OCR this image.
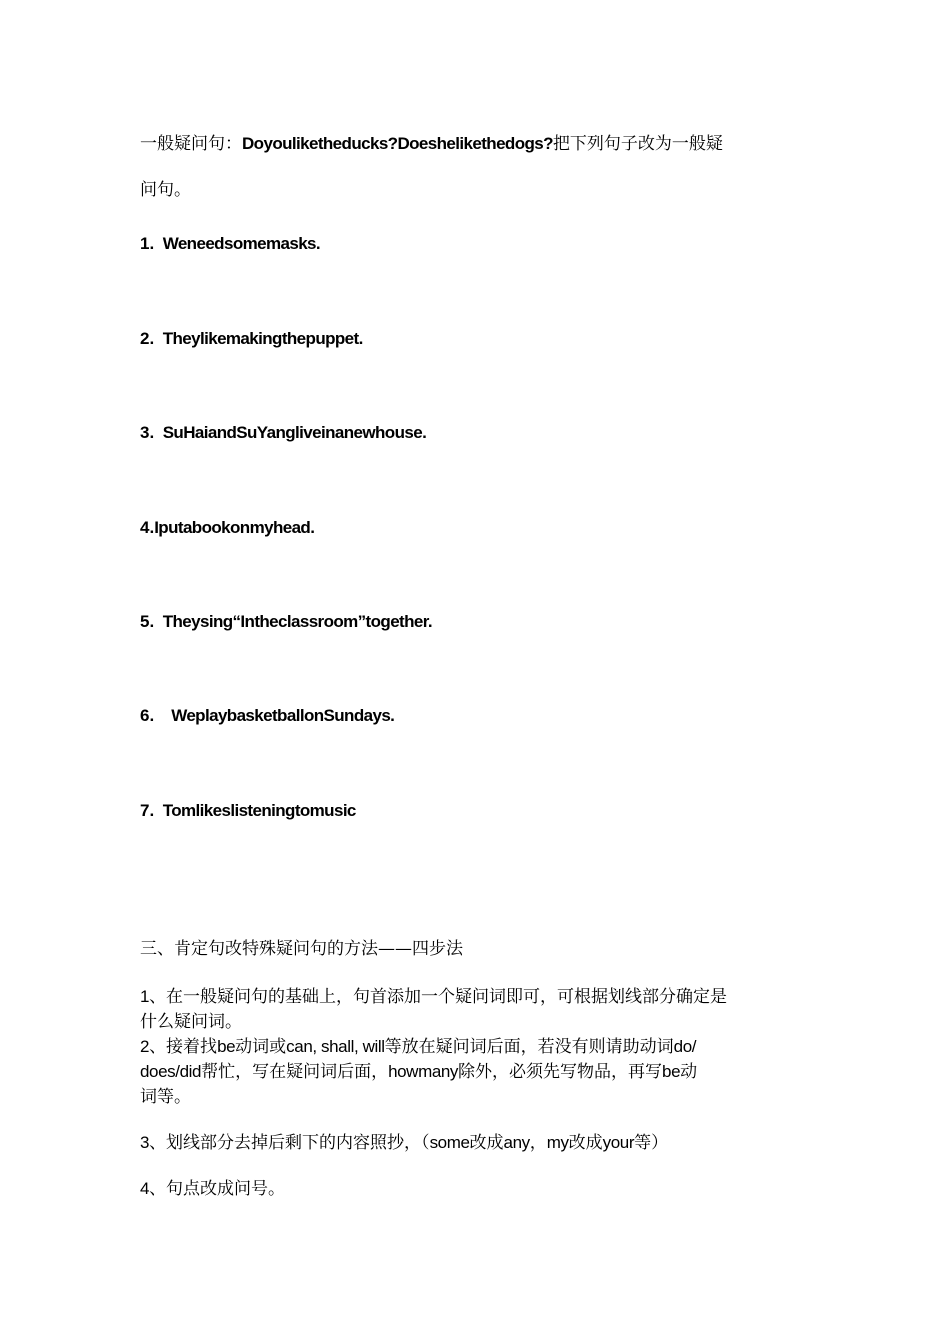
一般疑问句：Doyouliketheducks?Doeshelikethedogs?把下列句子改为一般疑
问句。
1. Weneedsomemasks.
2. Theylikemakingthepuppet.
3. SuHaiandSuYangliveinanewhouse.
4.Iputabookonmyhead.
5. Theysing“Intheclassroom”together.
6. WeplaybasketballonSundays.
7. Tomlikeslisteningtomusic
三、肯定句改特殊疑问句的方法——四步法
1、在一般疑问句的基础上，句首添加一个疑问词即可，可根据划线部分确定是
什么疑问词。
2、接着找be动词或can, shall, will等放在疑问词后面，若没有则请助动词do/
does/did帮忙，写在疑问词后面，howmany除外，必须先写物品，再写be动
词等。
3、划线部分去掉后剩下的内容照抄，（some改成any，my改成your等）
4、句点改成问号。
